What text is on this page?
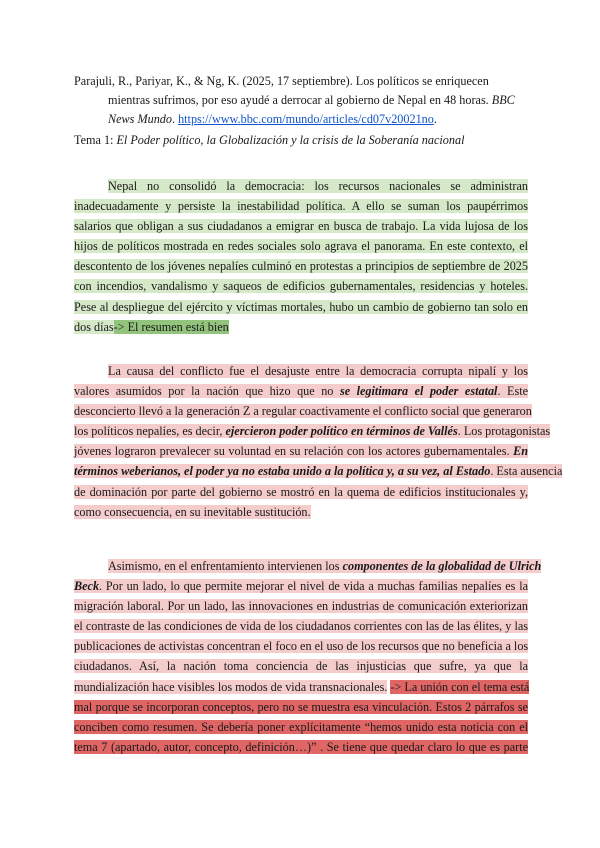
Parajuli, R., Pariyar, K., & Ng, K. (2025, 17 septiembre). Los políticos se enriquecen
mientras sufrimos, por eso ayudé a derrocar al gobierno de Nepal en 48 horas. BBC
News Mundo. https://www.bbc.com/mundo/articles/cd07v20021no.
Tema 1: El Poder político, la Globalización y la crisis de la Soberanía nacional
Nepal no consolidó la democracia: los recursos nacionales se administran
inadecuadamente y persiste la inestabilidad política. A ello se suman los paupérrimos
salarios que obligan a sus ciudadanos a emigrar en busca de trabajo. La vida lujosa de los
hijos de políticos mostrada en redes sociales solo agrava el panorama. En este contexto, el
descontento de los jóvenes nepalíes culminó en protestas a principios de septiembre de 2025
con incendios, vandalismo y saqueos de edificios gubernamentales, residencias y hoteles.
Pese al despliegue del ejército y víctimas mortales, hubo un cambio de gobierno tan solo en
dos días-> El resumen está bien
La causa del conflicto fue el desajuste entre la democracia corrupta nipalí y los
valores asumidos por la nación que hizo que no se legitimara el poder estatal. Este
desconcierto llevó a la generación Z a regular coactivamente el conflicto social que generaron
los políticos nepalíes, es decir, ejercieron poder político en términos de Vallés. Los protagonistas
jóvenes lograron prevalecer su voluntad en su relación con los actores gubernamentales. En
términos weberianos, el poder ya no estaba unido a la política y, a su vez, al Estado. Esta ausencia
de dominación por parte del gobierno se mostró en la quema de edificios institucionales y,
como consecuencia, en su inevitable sustitución.
Asimismo, en el enfrentamiento intervienen los componentes de la globalidad de Ulrich
Beck. Por un lado, lo que permite mejorar el nivel de vida a muchas familias nepalíes es la
migración laboral. Por un lado, las innovaciones en industrias de comunicación exteriorizan
el contraste de las condiciones de vida de los ciudadanos corrientes con las de las élites, y las
publicaciones de activistas concentran el foco en el uso de los recursos que no beneficia a los
ciudadanos. Así, la nación toma conciencia de las injusticias que sufre, ya que la
mundialización hace visibles los modos de vida transnacionales. -> La unión con el tema está
mal porque se incorporan conceptos, pero no se muestra esa vinculación. Estos 2 párrafos se
conciben como resumen. Se debería poner explícitamente “hemos unido esta noticia con el
tema 7 (apartado, autor, concepto, definición…)” . Se tiene que quedar claro lo que es parte
